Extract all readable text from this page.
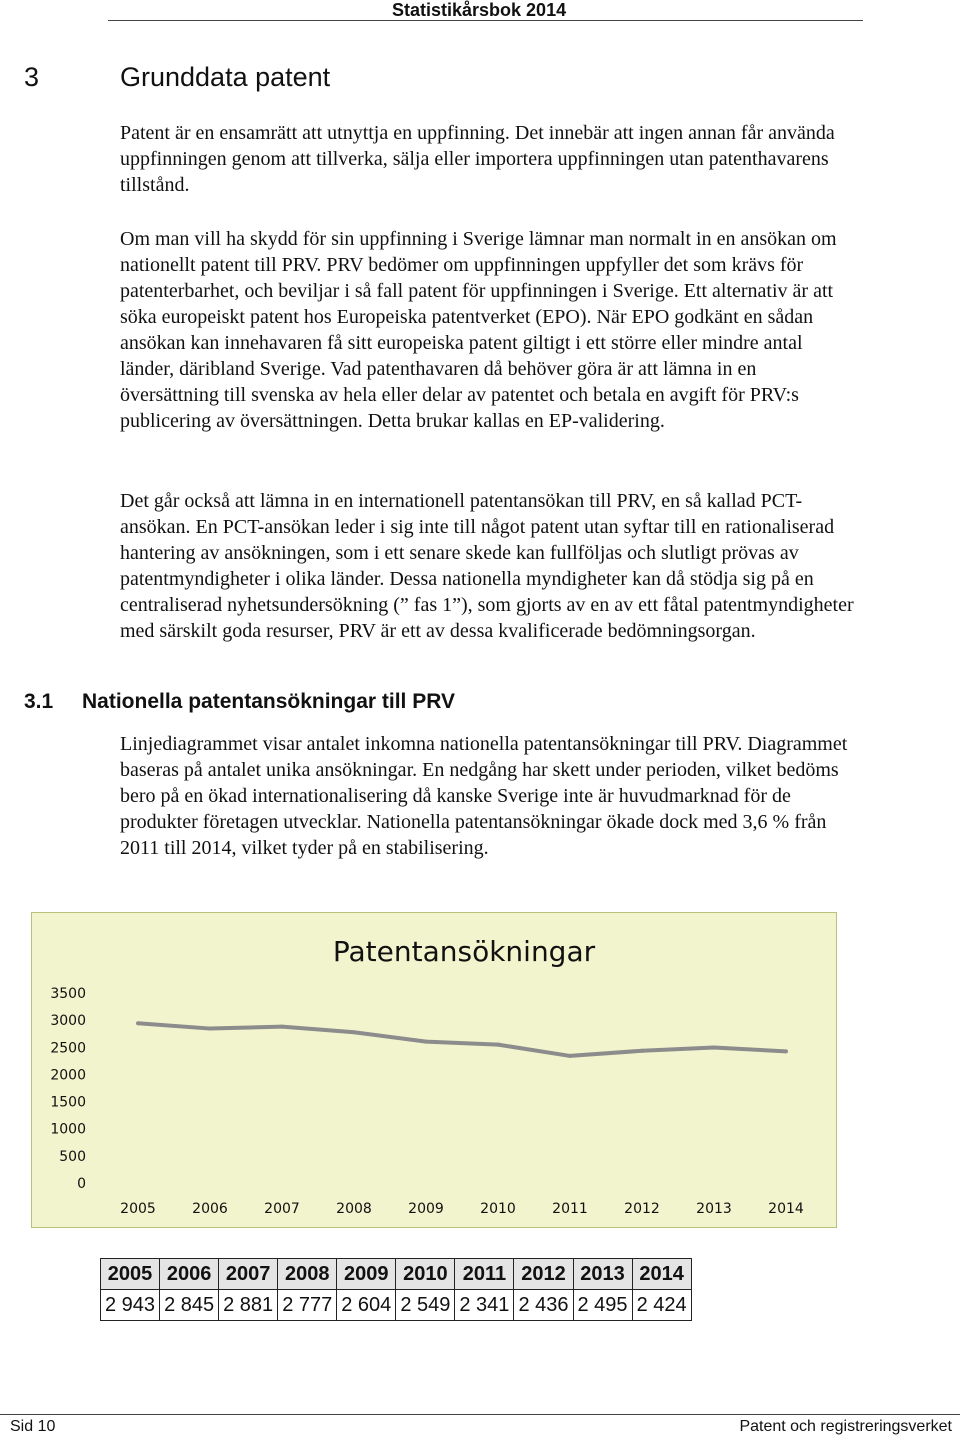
Statistikårsbok 2014
3	Grunddata patent

Patent är en ensamrätt att utnyttja en uppfinning. Det innebär att ingen annan får använda uppfinningen genom att tillverka, sälja eller importera uppfinningen utan patenthavarens tillstånd.

Om man vill ha skydd för sin uppfinning i Sverige lämnar man normalt in en ansökan om nationellt patent till PRV. PRV bedömer om uppfinningen uppfyller det som krävs för patenterbarhet, och beviljar i så fall patent för uppfinningen i Sverige. Ett alternativ är att söka europeiskt patent hos Europeiska patentverket (EPO). När EPO godkänt en sådan ansökan kan innehavaren få sitt europeiska patent giltigt i ett större eller mindre antal länder, däribland Sverige. Vad patenthavaren då behöver göra är att lämna in en översättning till svenska av hela eller delar av patentet och betala en avgift för PRV:s publicering av översättningen. Detta brukar kallas en EP-validering.

Det går också att lämna in en internationell patentansökan till PRV, en så kallad PCT-ansökan. En PCT-ansökan leder i sig inte till något patent utan syftar till en rationaliserad hantering av ansökningen, som i ett senare skede kan fullföljas och slutligt prövas av patentmyndigheter i olika länder. Dessa nationella myndigheter kan då stödja sig på en centraliserad nyhetsundersökning (” fas 1”), som gjorts av en av ett fåtal patentmyndigheter med särskilt goda resurser, PRV är ett av dessa kvalificerade bedömningsorgan.

3.1 Nationella patentansökningar till PRV

Linjediagrammet visar antalet inkomna nationella patentansökningar till PRV. Diagrammet baseras på antalet unika ansökningar. En nedgång har skett under perioden, vilket bedöms bero på en ökad internationalisering då kanske Sverige inte är huvudmarknad för de produkter företagen utvecklar. Nationella patentansökningar ökade dock med 3,6 % från 2011 till 2014, vilket tyder på en stabilisering.

Patentansökningar
3500
3000
2500
2000
1500
1000
500
0
2005	2006	2007	2008	2009	2010	2011	2012	2013	2014
2005	2006	2007	2008	2009	2010	2011	2012	2013	2014
2 943	2 845	2 881	2 777	2 604	2 549	2 341	2 436	2 495	2 424
Sid 10	Patent och registreringsverket
